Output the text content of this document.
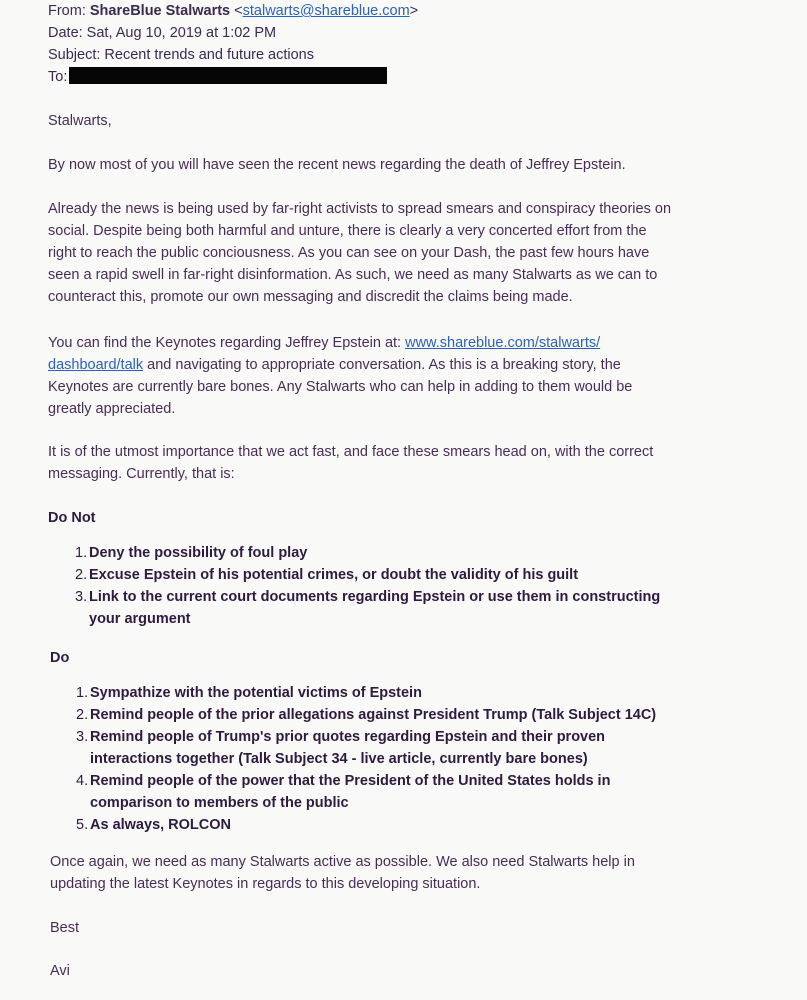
From: ShareBlue Stalwarts <stalwarts@shareblue.com>
Date: Sat, Aug 10, 2019 at 1:02 PM
Subject: Recent trends and future actions
To:
Stalwarts,
By now most of you will have seen the recent news regarding the death of Jeffrey Epstein.
Already the news is being used by far-right activists to spread smears and conspiracy theories on
social. Despite being both harmful and unture, there is clearly a very concerted effort from the
right to reach the public conciousness. As you can see on your Dash, the past few hours have
seen a rapid swell in far-right disinformation. As such, we need as many Stalwarts as we can to
counteract this, promote our own messaging and discredit the claims being made.
You can find the Keynotes regarding Jeffrey Epstein at: www.shareblue.com/stalwarts/
dashboard/talk and navigating to appropriate conversation. As this is a breaking story, the
Keynotes are currently bare bones. Any Stalwarts who can help in adding to them would be
greatly appreciated.
It is of the utmost importance that we act fast, and face these smears head on, with the correct
messaging. Currently, that is:
Do Not
1. Deny the possibility of foul play
2. Excuse Epstein of his potential crimes, or doubt the validity of his guilt
3. Link to the current court documents regarding Epstein or use them in constructing
your argument
Do
1. Sympathize with the potential victims of Epstein
2. Remind people of the prior allegations against President Trump (Talk Subject 14C)
3. Remind people of Trump's prior quotes regarding Epstein and their proven
interactions together (Talk Subject 34 - live article, currently bare bones)
4. Remind people of the power that the President of the United States holds in
comparison to members of the public
5. As always, ROLCON
Once again, we need as many Stalwarts active as possible. We also need Stalwarts help in
updating the latest Keynotes in regards to this developing situation.
Best
Avi
